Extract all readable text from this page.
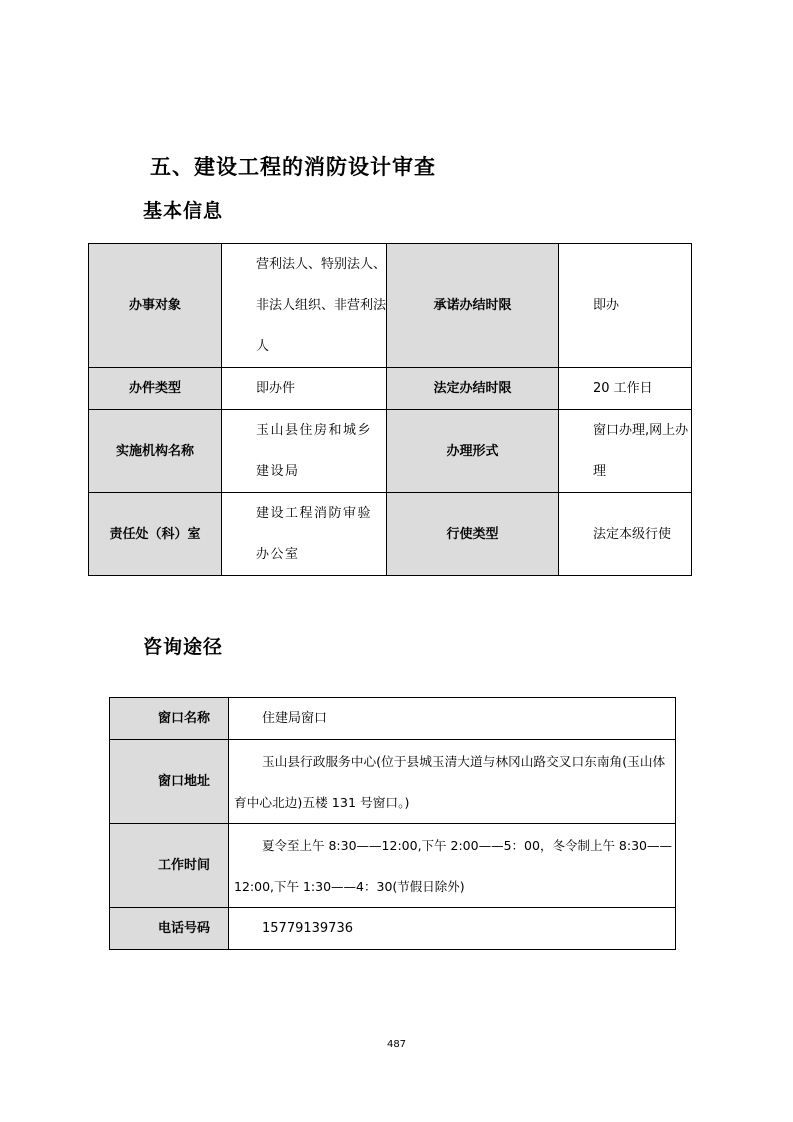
五、建设工程的消防设计审查
基本信息
办事对象	营利法人、特别法人、非法人组织、非营利法人	承诺办结时限	即办

办件类型	即办件	法定办结时限	20 工作日

实施机构名称	玉山县住房和城乡建设局	办理形式	窗口办理,网上办理

责任处（科）室	建设工程消防审验办公室	行使类型	法定本级行使
咨询途径
窗口名称	住建局窗口

窗口地址	玉山县行政服务中心(位于县城玉清大道与林冈山路交叉口东南角(玉山体育中心北边)五楼 131 号窗口。)

工作时间	夏令至上午 8:30——12:00,下午 2:00——5：00，冬令制上午 8:30——12:00,下午 1:30——4：30(节假日除外)

电话号码	15779139736
487
